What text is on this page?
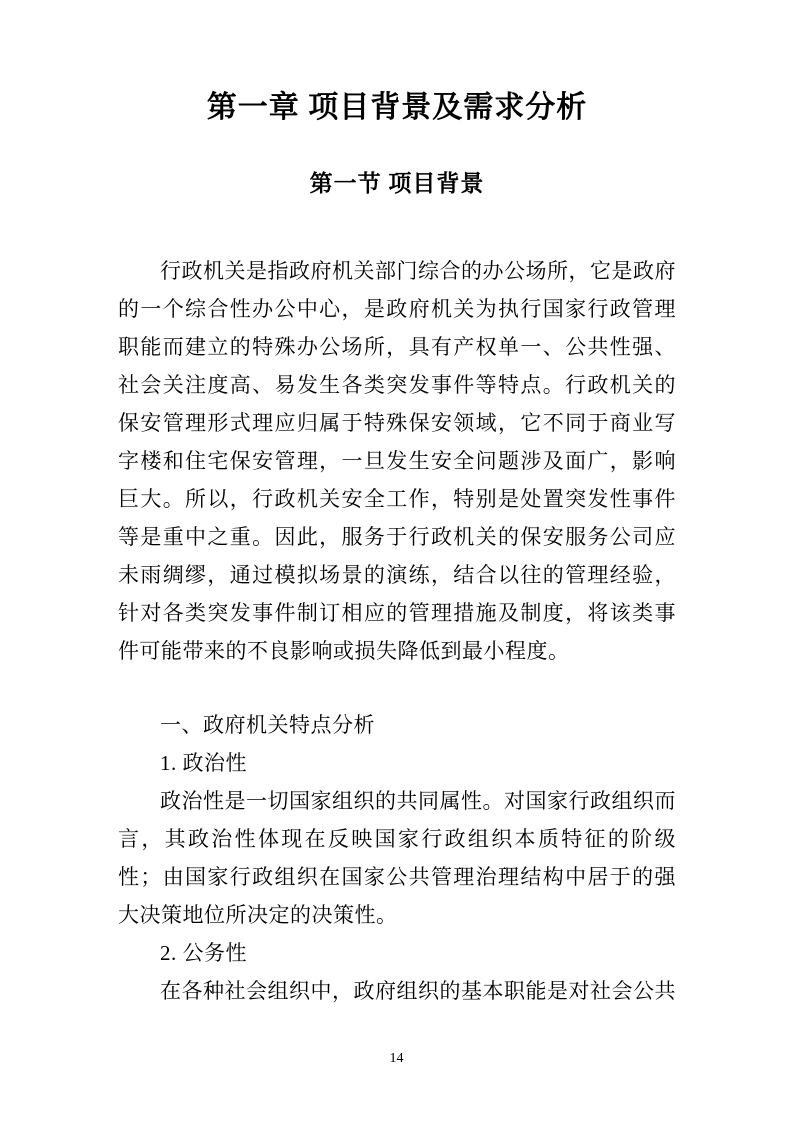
第一章 项目背景及需求分析
第一节 项目背景

行政机关是指政府机关部门综合的办公场所，它是政府的一个综合性办公中心，是政府机关为执行国家行政管理职能而建立的特殊办公场所，具有产权单一、公共性强、社会关注度高、易发生各类突发事件等特点。行政机关的保安管理形式理应归属于特殊保安领域，它不同于商业写字楼和住宅保安管理，一旦发生安全问题涉及面广，影响巨大。所以，行政机关安全工作，特别是处置突发性事件等是重中之重。因此，服务于行政机关的保安服务公司应未雨绸缪，通过模拟场景的演练，结合以往的管理经验，针对各类突发事件制订相应的管理措施及制度，将该类事件可能带来的不良影响或损失降低到最小程度。

一、政府机关特点分析

1. 政治性

政治性是一切国家组织的共同属性。对国家行政组织而言，其政治性体现在反映国家行政组织本质特征的阶级性；由国家行政组织在国家公共管理治理结构中居于的强大决策地位所决定的决策性。

2. 公务性

在各种社会组织中，政府组织的基本职能是对社会公共

14
